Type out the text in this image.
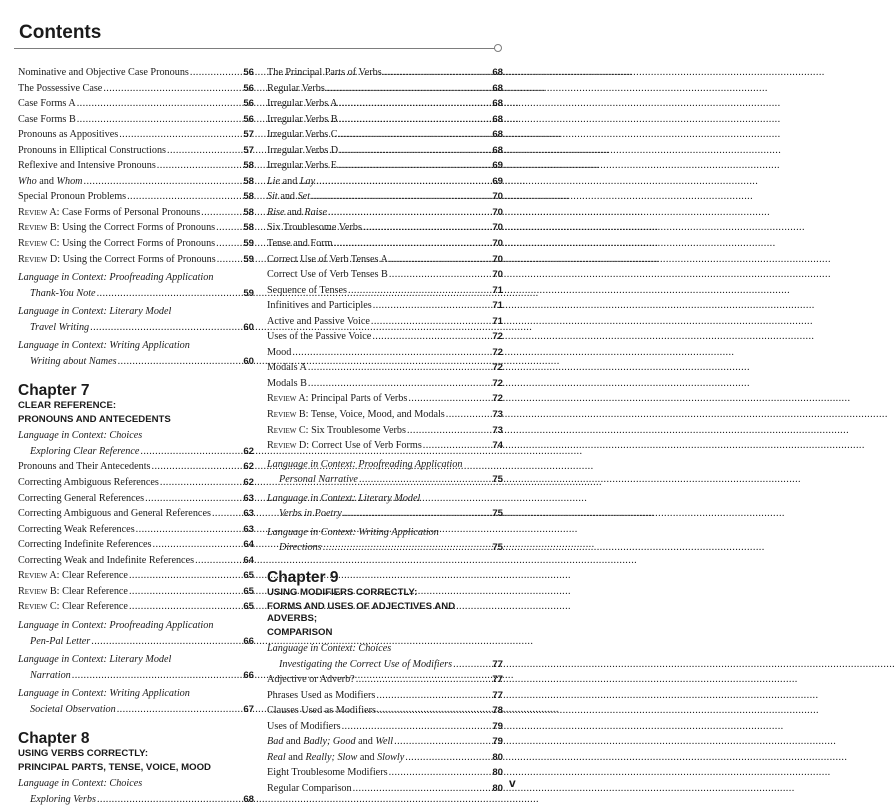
Contents
Nominative and Objective Case Pronouns .....	56
The Possessive Case .....	56
Case Forms A .....	56
Case Forms B .....	56
Pronouns as Appositives .....	57
Pronouns in Elliptical Constructions .....	57
Reflexive and Intensive Pronouns .....	58
Who and Whom .....	58
Special Pronoun Problems .....	58
Review A: Case Forms of Personal Pronouns .....	58
Review B: Using the Correct Forms of Pronouns .....	58
Review C: Using the Correct Forms of Pronouns .....	59
Review D: Using the Correct Forms of Pronouns .....	59
Language in Context: Proofreading Application
Thank-You Note .....	59
Language in Context: Literary Model
Travel Writing .....	60
Language in Context: Writing Application
Writing about Names .....	60
Chapter 7
CLEAR REFERENCE:
PRONOUNS AND ANTECEDENTS
Language in Context: Choices
Exploring Clear Reference .....	62
Pronouns and Their Antecedents .....	62
Correcting Ambiguous References .....	62
Correcting General References .....	63
Correcting Ambiguous and General References .....	63
Correcting Weak References .....	63
Correcting Indefinite References .....	64
Correcting Weak and Indefinite References .....	64
Review A: Clear Reference .....	65
Review B: Clear Reference .....	65
Review C: Clear Reference .....	65
Language in Context: Proofreading Application
Pen-Pal Letter .....	66
Language in Context: Literary Model
Narration .....	66
Language in Context: Writing Application
Societal Observation .....	67
Chapter 8
USING VERBS CORRECTLY:
PRINCIPAL PARTS, TENSE, VOICE, MOOD
Language in Context: Choices
Exploring Verbs .....	68
The Principal Parts of Verbs .....	68
Regular Verbs .....	68
Irregular Verbs A .....	68
Irregular Verbs B .....	68
Irregular Verbs C .....	68
Irregular Verbs D .....	68
Irregular Verbs E .....	69
Lie and Lay .....	69
Sit and Set .....	70
Rise and Raise .....	70
Six Troublesome Verbs .....	70
Tense and Form .....	70
Correct Use of Verb Tenses A .....	70
Correct Use of Verb Tenses B .....	70
Sequence of Tenses .....	71
Infinitives and Participles .....	71
Active and Passive Voice .....	71
Uses of the Passive Voice .....	72
Mood .....	72
Modals A .....	72
Modals B .....	72
Review A: Principal Parts of Verbs .....	72
Review B: Tense, Voice, Mood, and Modals .....	73
Review C: Six Troublesome Verbs .....	73
Review D: Correct Use of Verb Forms .....	74
Language in Context: Proofreading Application
Personal Narrative .....	75
Language in Context: Literary Model
Verbs in Poetry .....	75
Language in Context: Writing Application
Directions .....	75
Chapter 9
USING MODIFIERS CORRECTLY:
FORMS AND USES OF ADJECTIVES AND ADVERBS;
COMPARISON
Language in Context: Choices
Investigating the Correct Use of Modifiers .....	77
Adjective or Adverb? .....	77
Phrases Used as Modifiers .....	77
Clauses Used as Modifiers .....	78
Uses of Modifiers .....	79
Bad and Badly; Good and Well .....	79
Real and Really; Slow and Slowly .....	80
Eight Troublesome Modifiers .....	80
Regular Comparison .....	80 v
